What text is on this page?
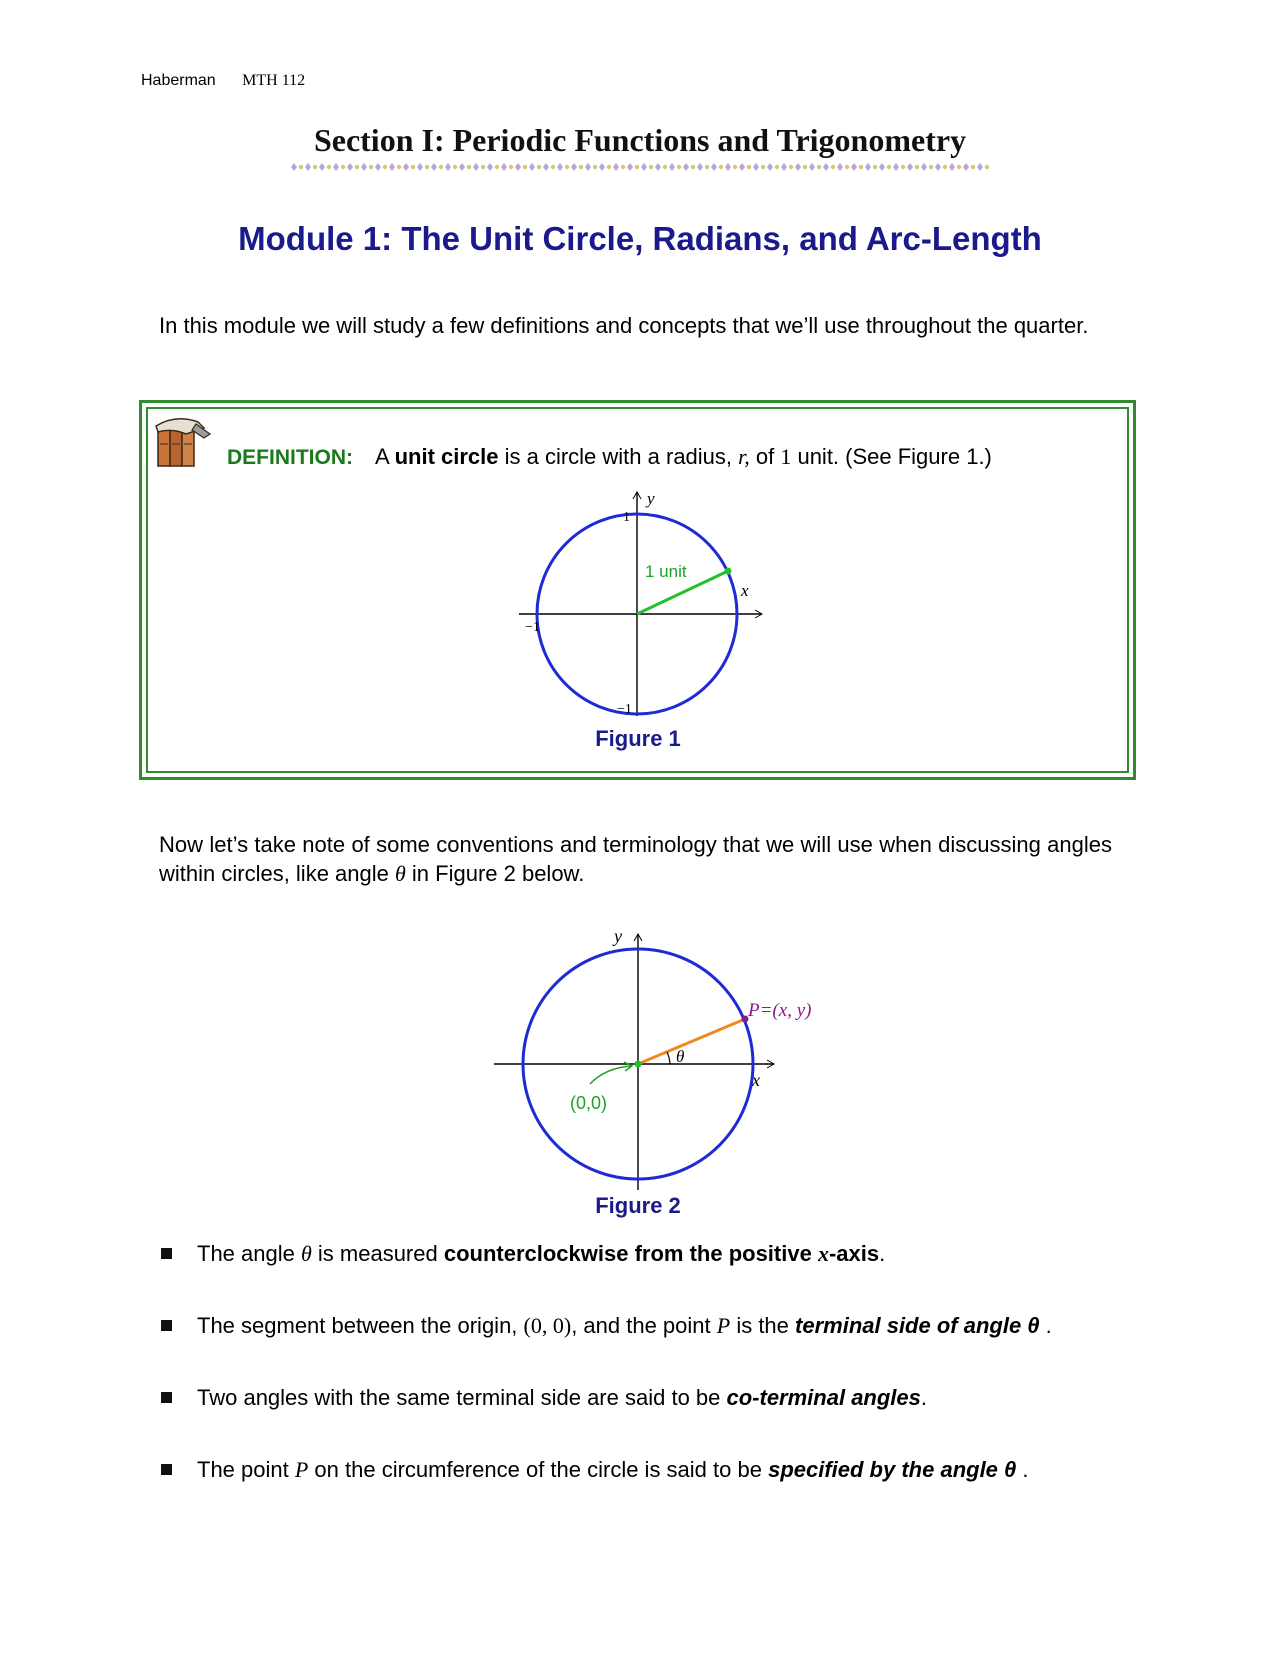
Haberman MTH 112
Section I: Periodic Functions and Trigonometry
Module 1: The Unit Circle, Radians, and Arc-Length
In this module we will study a few definitions and concepts that we’ll use throughout the quarter.
DEFINITION: A unit circle is a circle with a radius, r, of 1 unit. (See Figure 1.)
y
x
1
−1
−1
1 unit
Figure 1
Now let’s take note of some conventions and terminology that we will use when discussing angles within circles, like angle θ in Figure 2 below.
y
x
P=(x, y)
θ
(0,0)
Figure 2
The angle θ is measured counterclockwise from the positive x-axis.
The segment between the origin, (0, 0), and the point P is the terminal side of angle θ .
Two angles with the same terminal side are said to be co-terminal angles.
The point P on the circumference of the circle is said to be specified by the angle θ .
